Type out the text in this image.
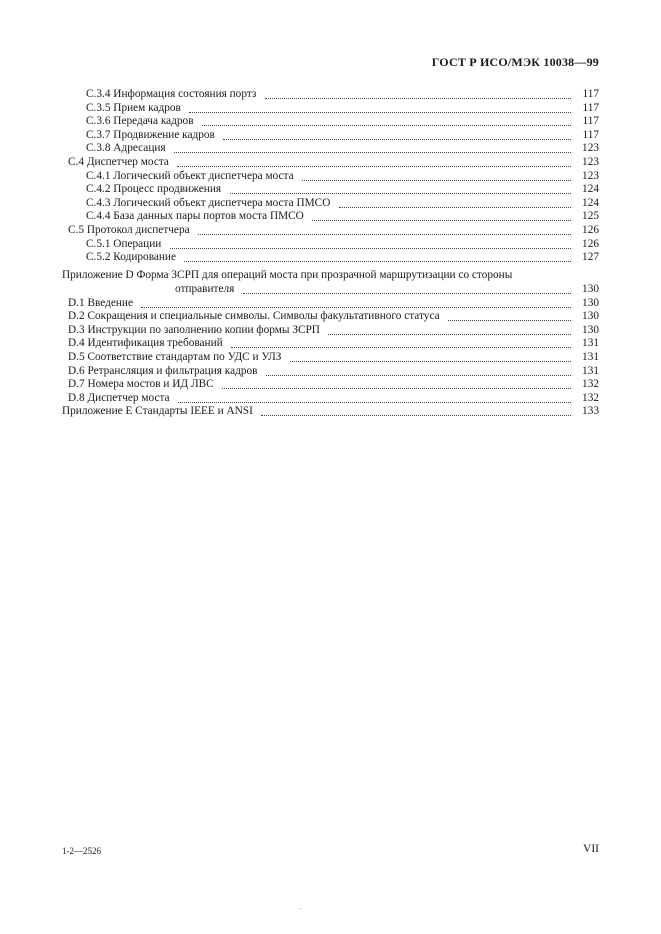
ГОСТ Р ИСО/МЭК 10038—99
С.3.4 Информация состояния портз	117
С.3.5 Прием кадров	117
С.3.6 Передача кадров	117
С.3.7 Продвижение кадров	117
С.3.8 Адресация	123
С.4 Диспетчер моста	123
С.4.1 Логический объект диспетчера моста	123
С.4.2 Процесс продвижения	124
С.4.3 Логический объект диспетчера моста ПМСО	124
С.4.4 База данных пары портов моста ПМСО	125
С.5 Протокол диспетчера	126
С.5.1 Операции	126
С.5.2 Кодирование	127
Приложение D Форма ЗСРП для операций моста при прозрачной маршрутизации со стороны
отправителя	130
D.1 Введение	130
D.2 Сокращения и специальные символы. Символы факультативного статуса	130
D.3 Инструкции по заполнению копии формы ЗСРП	130
D.4 Идентификация требований	131
D.5 Соответствие стандартам по УДС и УЛЗ	131
D.6 Ретрансляция и фильтрация кадров	131
D.7 Номера мостов и ИД ЛВС	132
D.8 Диспетчер моста	132
Приложение E Стандарты IEEE и ANSI	133
1-2—2526	VII
